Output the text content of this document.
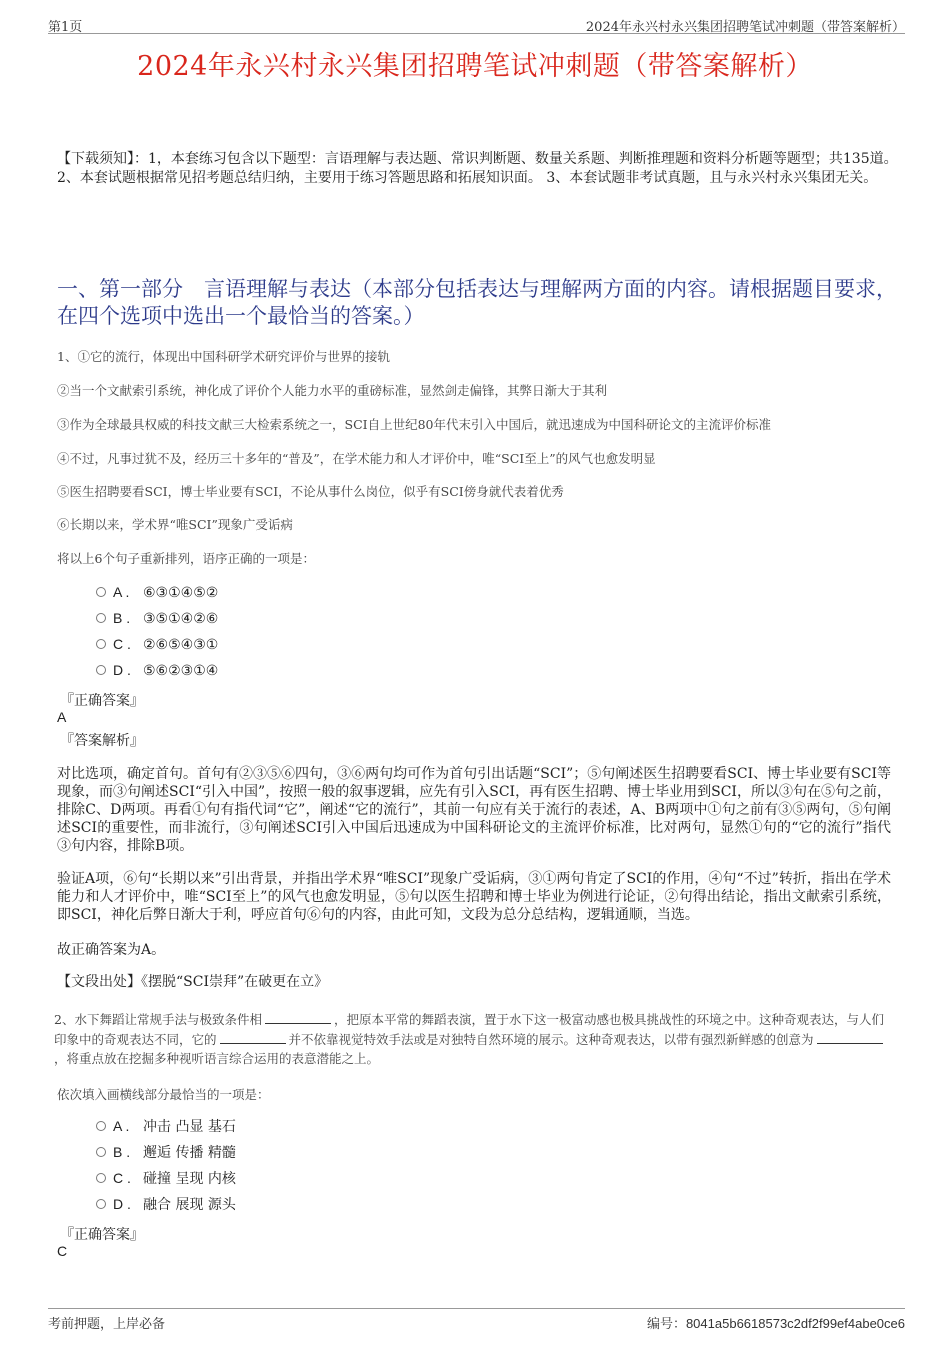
第1页	2024年永兴村永兴集团招聘笔试冲刺题（带答案解析）
2024年永兴村永兴集团招聘笔试冲刺题（带答案解析）
【下载须知】：1，本套练习包含以下题型：言语理解与表达题、常识判断题、数量关系题、判断推理题和资料分析题等题型；共135道。 2、本套试题根据常见招考题总结归纳，主要用于练习答题思路和拓展知识面。 3、本套试题非考试真题，且与永兴村永兴集团无关。
一、第一部分　言语理解与表达（本部分包括表达与理解两方面的内容。请根据题目要求，在四个选项中选出一个最恰当的答案。）
1、①它的流行，体现出中国科研学术研究评价与世界的接轨
②当一个文献索引系统，神化成了评价个人能力水平的重磅标准，显然剑走偏锋，其弊日渐大于其利
③作为全球最具权威的科技文献三大检索系统之一，SCI自上世纪80年代末引入中国后，就迅速成为中国科研论文的主流评价标准
④不过，凡事过犹不及，经历三十多年的“普及”，在学术能力和人才评价中，唯“SCI至上”的风气也愈发明显
⑤医生招聘要看SCI，博士毕业要有SCI，不论从事什么岗位，似乎有SCI傍身就代表着优秀
⑥长期以来，学术界“唯SCI”现象广受诟病
将以上6个句子重新排列，语序正确的一项是：
A . ⑥③①④⑤②
B . ③⑤①④②⑥
C . ②⑥⑤④③①
D . ⑤⑥②③①④
『正确答案』
A
『答案解析』
对比选项，确定首句。首句有②③⑤⑥四句，③⑥两句均可作为首句引出话题“SCI”；⑤句阐述医生招聘要看SCI、博士毕业要有SCI等现象，而③句阐述SCI“引入中国”，按照一般的叙事逻辑，应先有引入SCI，再有医生招聘、博士毕业用到SCI，所以③句在⑤句之前，排除C、D两项。再看①句有指代词“它”，阐述“它的流行”，其前一句应有关于流行的表述，A、B两项中①句之前有③⑤两句，⑤句阐述SCI的重要性，而非流行，③句阐述SCI引入中国后迅速成为中国科研论文的主流评价标准，比对两句，显然①句的“它的流行”指代③句内容，排除B项。
验证A项，⑥句“长期以来”引出背景，并指出学术界“唯SCI”现象广受诟病，③①两句肯定了SCI的作用，④句“不过”转折，指出在学术能力和人才评价中，唯“SCI至上”的风气也愈发明显，⑤句以医生招聘和博士毕业为例进行论证，②句得出结论，指出文献索引系统，即SCI，神化后弊日渐大于利，呼应首句⑥句的内容，由此可知，文段为总分总结构，逻辑通顺，当选。
故正确答案为A。
【文段出处】《摆脱“SCI崇拜”在破更在立》
2、水下舞蹈让常规手法与极致条件相	，把原本平常的舞蹈表演，置于水下这一极富动感也极具挑战性的环境之中。这种奇观表达，与人们印象中的奇观表达不同，它的	并不依靠视觉特效手法或是对独特自然环境的展示。这种奇观表达，以带有强烈新鲜感的创意为，将重点放在挖掘多种视听语言综合运用的表意潜能之上。
依次填入画横线部分最恰当的一项是：
A . 冲击 凸显 基石
B . 邂逅 传播 精髓
C . 碰撞 呈现 内核
D . 融合 展现 源头
『正确答案』
C
考前押题，上岸必备	编号：8041a5b6618573c2df2f99ef4abe0ce6
